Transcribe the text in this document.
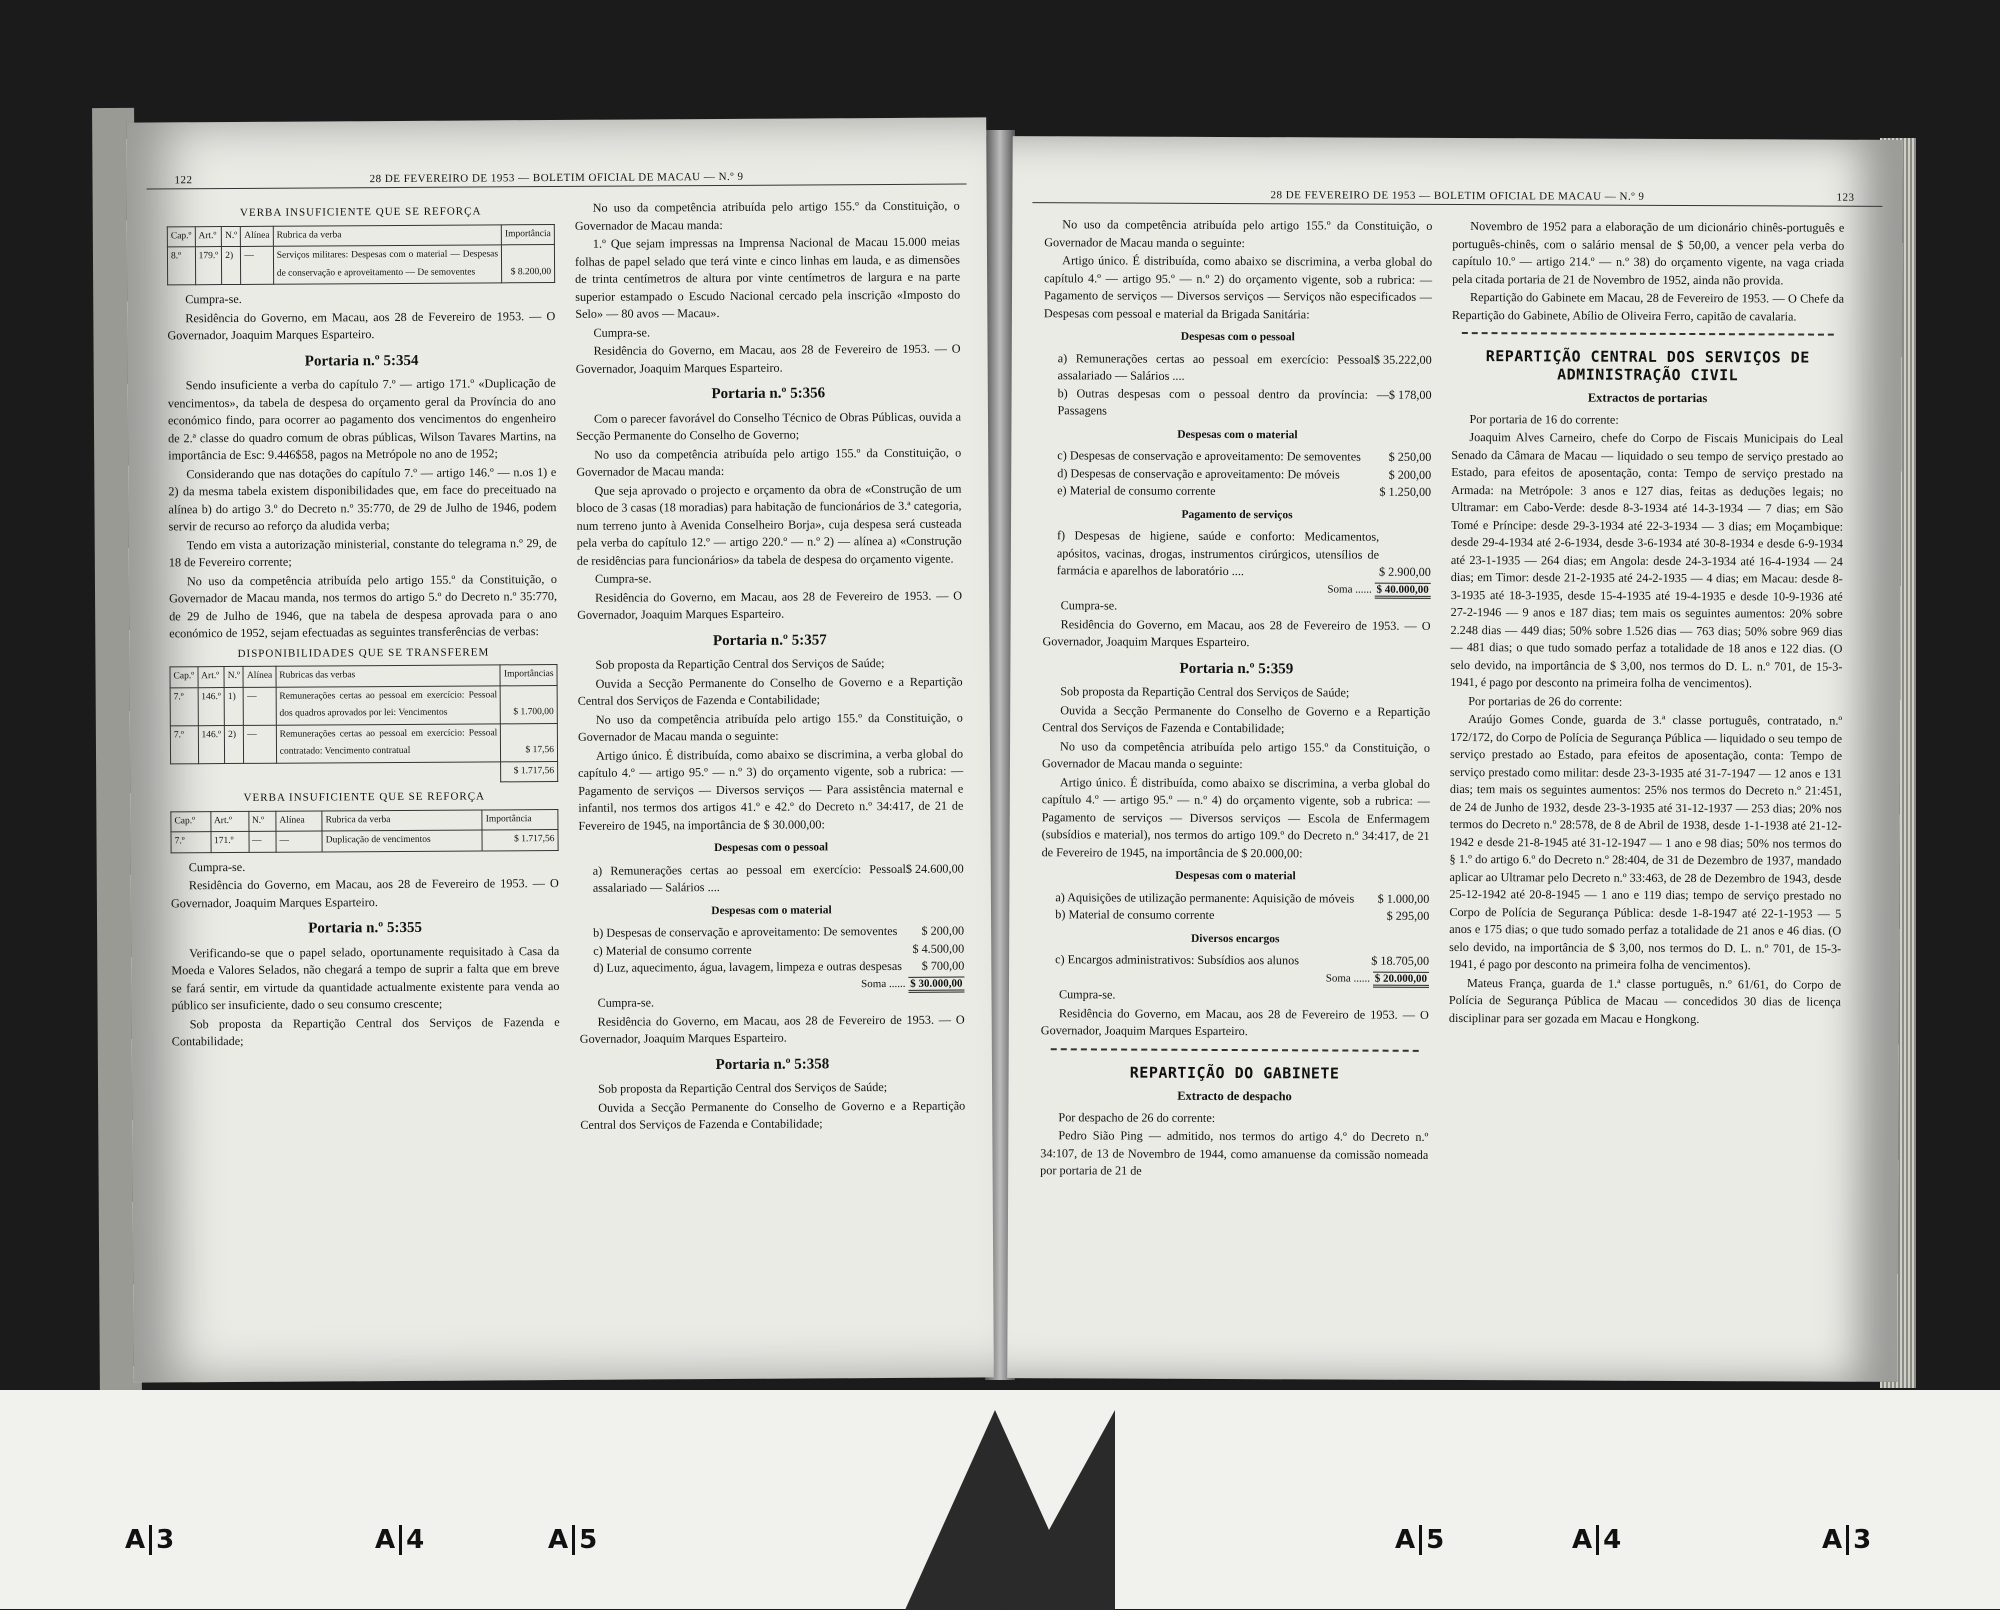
122	28 DE FEVEREIRO DE 1953 — BOLETIM OFICIAL DE MACAU — N.º 9
VERBA INSUFICIENTE QUE SE REFORÇA
Cap.º	Art.º	N.º	Alínea	Rubrica da verba	Importância
8.º	179.º	2)	—	Serviços militares: Despesas com o material — Despesas de conservação e aproveitamento — De semoventes	$ 8.200,00

Cumpra-se.

Residência do Governo, em Macau, aos 28 de Fevereiro de 1953. — O Governador, Joaquim Marques Esparteiro.

Portaria n.º 5:354

Sendo insuficiente a verba do capítulo 7.º — artigo 171.º «Duplicação de vencimentos», da tabela de despesa do orçamento geral da Província do ano económico findo, para ocorrer ao pagamento dos vencimentos do engenheiro de 2.ª classe do quadro comum de obras públicas, Wilson Tavares Martins, na importância de Esc: 9.446$58, pagos na Metrópole no ano de 1952;

Considerando que nas dotações do capítulo 7.º — artigo 146.º — n.os 1) e 2) da mesma tabela existem disponibilidades que, em face do preceituado na alínea b) do artigo 3.º do Decreto n.º 35:770, de 29 de Julho de 1946, podem servir de recurso ao reforço da aludida verba;

Tendo em vista a autorização ministerial, constante do telegrama n.º 29, de 18 de Fevereiro corrente;

No uso da competência atribuída pelo artigo 155.º da Constituição, o Governador de Macau manda, nos termos do artigo 5.º do Decreto n.º 35:770, de 29 de Julho de 1946, que na tabela de despesa aprovada para o ano económico de 1952, sejam efectuadas as seguintes transferências de verbas:

DISPONIBILIDADES QUE SE TRANSFEREM
Cap.º	Art.º	N.º	Alínea	Rubricas das verbas	Importâncias
7.º	146.º	1)	—	Remunerações certas ao pessoal em exercício: Pessoal dos quadros aprovados por lei: Vencimentos	$ 1.700,00
7.º	146.º	2)	—	Remunerações certas ao pessoal em exercício: Pessoal contratado: Vencimento contratual	$ 17,56
					$ 1.717,56
VERBA INSUFICIENTE QUE SE REFORÇA
Cap.º	Art.º	N.º	Alínea	Rubrica da verba	Importância
7.º	171.º	—	—	Duplicação de vencimentos	$ 1.717,56

Cumpra-se.

Residência do Governo, em Macau, aos 28 de Fevereiro de 1953. — O Governador, Joaquim Marques Esparteiro.

Portaria n.º 5:355

Verificando-se que o papel selado, oportunamente requisitado à Casa da Moeda e Valores Selados, não chegará a tempo de suprir a falta que em breve se fará sentir, em virtude da quantidade actualmente existente para venda ao público ser insuficiente, dado o seu consumo crescente;

Sob proposta da Repartição Central dos Serviços de Fazenda e Contabilidade;

No uso da competência atribuída pelo artigo 155.º da Constituição, o Governador de Macau manda:

1.º Que sejam impressas na Imprensa Nacional de Macau 15.000 meias folhas de papel selado que terá vinte e cinco linhas em lauda, e as dimensões de trinta centímetros de altura por vinte centímetros de largura e na parte superior estampado o Escudo Nacional cercado pela inscrição «Imposto do Selo» — 80 avos — Macau».

Cumpra-se.

Residência do Governo, em Macau, aos 28 de Fevereiro de 1953. — O Governador, Joaquim Marques Esparteiro.

Portaria n.º 5:356

Com o parecer favorável do Conselho Técnico de Obras Públicas, ouvida a Secção Permanente do Conselho de Governo;

No uso da competência atribuída pelo artigo 155.º da Constituição, o Governador de Macau manda:

Que seja aprovado o projecto e orçamento da obra de «Construção de um bloco de 3 casas (18 moradias) para habitação de funcionários de 3.ª categoria, num terreno junto à Avenida Conselheiro Borja», cuja despesa será custeada pela verba do capítulo 12.º — artigo 220.º — n.º 2) — alínea a) «Construção de residências para funcionários» da tabela de despesa do orçamento vigente.

Cumpra-se.

Residência do Governo, em Macau, aos 28 de Fevereiro de 1953. — O Governador, Joaquim Marques Esparteiro.

Portaria n.º 5:357

Sob proposta da Repartição Central dos Serviços de Saúde;

Ouvida a Secção Permanente do Conselho de Governo e a Repartição Central dos Serviços de Fazenda e Contabilidade;

No uso da competência atribuída pelo artigo 155.º da Constituição, o Governador de Macau manda o seguinte:

Artigo único. É distribuída, como abaixo se discrimina, a verba global do capítulo 4.º — artigo 95.º — n.º 3) do orçamento vigente, sob a rubrica: — Pagamento de serviços — Diversos serviços — Para assistência maternal e infantil, nos termos dos artigos 41.º e 42.º do Decreto n.º 34:417, de 21 de Fevereiro de 1945, na importância de $ 30.000,00:

Despesas com o pessoal
a) Remunerações certas ao pessoal em exercício: Pessoal assalariado — Salários ....
$ 24.600,00
Despesas com o material
b) Despesas de conservação e aproveitamento: De semoventes $ 200,00
c) Material de consumo corrente	$ 4.500,00
d) Luz, aquecimento, água, lavagem, limpeza e outras despesas $ 700,00
Soma ...... $ 30.000,00

Cumpra-se.

Residência do Governo, em Macau, aos 28 de Fevereiro de 1953. — O Governador, Joaquim Marques Esparteiro.

Portaria n.º 5:358

Sob proposta da Repartição Central dos Serviços de Saúde;

Ouvida a Secção Permanente do Conselho de Governo e a Repartição Central dos Serviços de Fazenda e Contabilidade;

28 DE FEVEREIRO DE 1953 — BOLETIM OFICIAL DE MACAU — N.º 9	123

No uso da competência atribuída pelo artigo 155.º da Constituição, o Governador de Macau manda o seguinte:

Artigo único. É distribuída, como abaixo se discrimina, a verba global do capítulo 4.º — artigo 95.º — n.º 2) do orçamento vigente, sob a rubrica: — Pagamento de serviços — Diversos serviços — Serviços não especificados — Despesas com pessoal e material da Brigada Sanitária:

Despesas com o pessoal
a) Remunerações certas ao pessoal em exercício: Pessoal assalariado — Salários ....
$ 35.222,00
b) Outras despesas com o pessoal dentro da província: — Passagens
$ 178,00
Despesas com o material
c) Despesas de conservação e aproveitamento: De semoventes $ 250,00
d) Despesas de conservação e aproveitamento: De móveis	$ 200,00
e) Material de consumo corrente	$ 1.250,00
Pagamento de serviços
f) Despesas de higiene, saúde e conforto: Medicamentos, apósitos, vacinas, drogas, instrumentos cirúrgicos, utensílios de farmácia e aparelhos de laboratório ....	$ 2.900,00
Soma ...... $ 40.000,00

Cumpra-se.

Residência do Governo, em Macau, aos 28 de Fevereiro de 1953. — O Governador, Joaquim Marques Esparteiro.

Portaria n.º 5:359

Sob proposta da Repartição Central dos Serviços de Saúde;

Ouvida a Secção Permanente do Conselho de Governo e a Repartição Central dos Serviços de Fazenda e Contabilidade;

No uso da competência atribuída pelo artigo 155.º da Constituição, o Governador de Macau manda o seguinte:

Artigo único. É distribuída, como abaixo se discrimina, a verba global do capítulo 4.º — artigo 95.º — n.º 4) do orçamento vigente, sob a rubrica: — Pagamento de serviços — Diversos serviços — Escola de Enfermagem (subsídios e material), nos termos do artigo 109.º do Decreto n.º 34:417, de 21 de Fevereiro de 1945, na importância de $ 20.000,00:

Despesas com o material
a) Aquisições de utilização permanente: Aquisição de móveis $ 1.000,00
b) Material de consumo corrente	$ 295,00
Diversos encargos
c) Encargos administrativos: Subsídios aos alunos	$ 18.705,00
Soma ...... $ 20.000,00

Cumpra-se.

Residência do Governo, em Macau, aos 28 de Fevereiro de 1953. — O Governador, Joaquim Marques Esparteiro.

REPARTIÇÃO DO GABINETE
Extracto de despacho

Por despacho de 26 do corrente:

Pedro Sião Ping — admitido, nos termos do artigo 4.º do Decreto n.º 34:107, de 13 de Novembro de 1944, como amanuense da comissão nomeada por portaria de 21 de

Novembro de 1952 para a elaboração de um dicionário chinês-português e português-chinês, com o salário mensal de $ 50,00, a vencer pela verba do capítulo 10.º — artigo 214.º — n.º 38) do orçamento vigente, na vaga criada pela citada portaria de 21 de Novembro de 1952, ainda não provida.

Repartição do Gabinete em Macau, 28 de Fevereiro de 1953. — O Chefe da Repartição do Gabinete, Abílio de Oliveira Ferro, capitão de cavalaria.

REPARTIÇÃO CENTRAL DOS SERVIÇOS DE ADMINISTRAÇÃO CIVIL
Extractos de portarias

Por portaria de 16 do corrente:

Joaquim Alves Carneiro, chefe do Corpo de Fiscais Municipais do Leal Senado da Câmara de Macau — liquidado o seu tempo de serviço prestado ao Estado, para efeitos de aposentação, conta: Tempo de serviço prestado na Armada: na Metrópole: 3 anos e 127 dias, feitas as deduções legais; no Ultramar: em Cabo-Verde: desde 8-3-1934 até 14-3-1934 — 7 dias; em São Tomé e Príncipe: desde 29-3-1934 até 22-3-1934 — 3 dias; em Moçambique: desde 29-4-1934 até 2-6-1934, desde 3-6-1934 até 30-8-1934 e desde 6-9-1934 até 23-1-1935 — 264 dias; em Angola: desde 24-3-1934 até 16-4-1934 — 24 dias; em Timor: desde 21-2-1935 até 24-2-1935 — 4 dias; em Macau: desde 8-3-1935 até 18-3-1935, desde 15-4-1935 até 19-4-1935 e desde 10-9-1936 até 27-2-1946 — 9 anos e 187 dias; tem mais os seguintes aumentos: 20% sobre 2.248 dias — 449 dias; 50% sobre 1.526 dias — 763 dias; 50% sobre 969 dias — 481 dias; o que tudo somado perfaz a totalidade de 18 anos e 122 dias. (O selo devido, na importância de $ 3,00, nos termos do D. L. n.º 701, de 15-3-1941, é pago por desconto na primeira folha de vencimentos).

Por portarias de 26 do corrente:

Araújo Gomes Conde, guarda de 3.ª classe português, contratado, n.º 172/172, do Corpo de Polícia de Segurança Pública — liquidado o seu tempo de serviço prestado ao Estado, para efeitos de aposentação, conta: Tempo de serviço prestado como militar: desde 23-3-1935 até 31-7-1947 — 12 anos e 131 dias; tem mais os seguintes aumentos: 25% nos termos do Decreto n.º 21:451, de 24 de Junho de 1932, desde 23-3-1935 até 31-12-1937 — 253 dias; 20% nos termos do Decreto n.º 28:578, de 8 de Abril de 1938, desde 1-1-1938 até 21-12-1942 e desde 21-8-1945 até 31-12-1947 — 1 ano e 98 dias; 50% nos termos do § 1.º do artigo 6.º do Decreto n.º 28:404, de 31 de Dezembro de 1937, mandado aplicar ao Ultramar pelo Decreto n.º 33:463, de 28 de Dezembro de 1943, desde 25-12-1942 até 20-8-1945 — 1 ano e 119 dias; tempo de serviço prestado no Corpo de Polícia de Segurança Pública: desde 1-8-1947 até 22-1-1953 — 5 anos e 175 dias; o que tudo somado perfaz a totalidade de 21 anos e 46 dias. (O selo devido, na importância de $ 3,00, nos termos do D. L. n.º 701, de 15-3-1941, é pago por desconto na primeira folha de vencimentos).

Mateus França, guarda de 1.ª classe português, n.º 61/61, do Corpo de Polícia de Segurança Pública de Macau — concedidos 30 dias de licença disciplinar para ser gozada em Macau e Hongkong.

A 3	A 4	A 5	A 5	A 4	A 3
